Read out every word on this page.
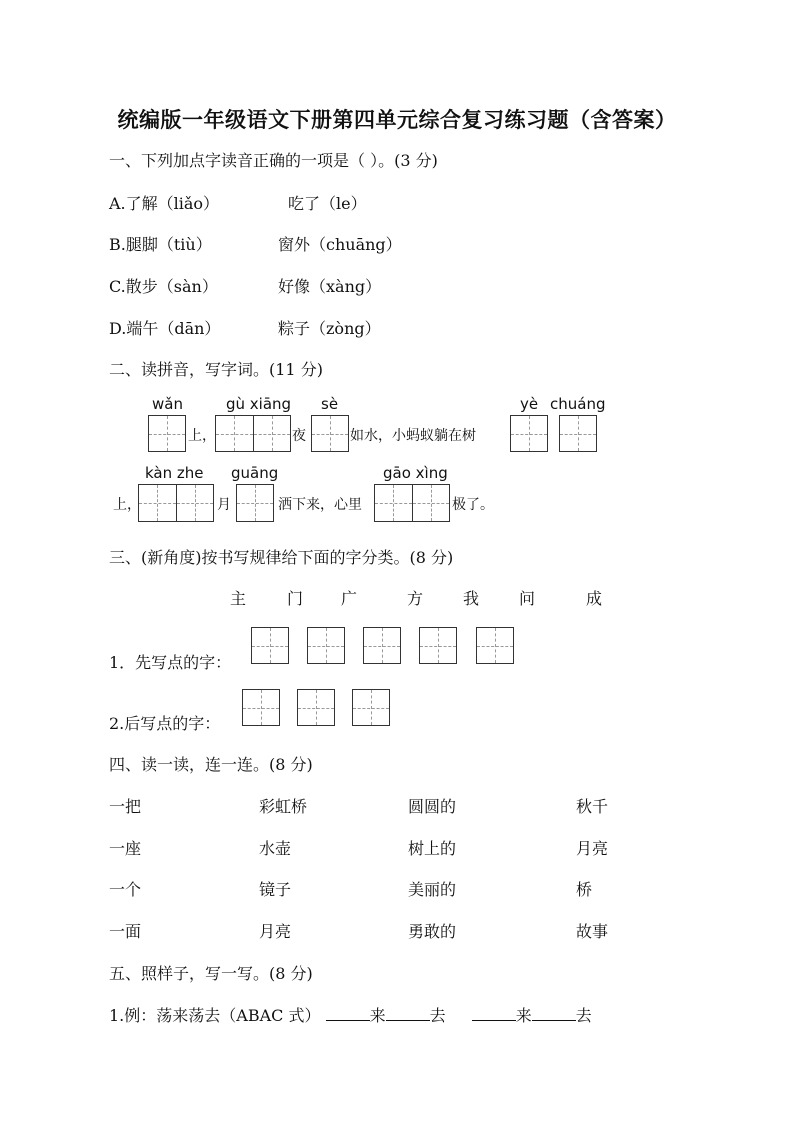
统编版一年级语文下册第四单元综合复习练习题（含答案）
一、下列加点字读音正确的一项是（ ）。(3 分)
A.了解（liǎo）	吃了（le）
B.腿脚（tiù）	窗外（chuāng）
C.散步（sàn）	好像（xàng）
D.端午（dān）	粽子（zòng）
二、读拼音，写字词。(11 分)
wǎn	gù xiāng sè	yè chuáng
上，	夜	如水，小蚂蚁躺在树
kàn zhe guāng	gāo xìng
上，	月	洒下来，心里	极了。
三、(新角度)按书写规律给下面的字分类。(8 分)
主	门 广	方 我 问	成
1．先写点的字：
2.后写点的字：
四、读一读，连一连。(8 分)
一把	彩虹桥	圆圆的	秋千
一座	水壶	树上的	月亮
一个	镜子	美丽的	桥
一面	月亮	勇敢的	故事
五、照样子，写一写。(8 分)
1.例：荡来荡去（ABAC 式）	来	去	来	去
